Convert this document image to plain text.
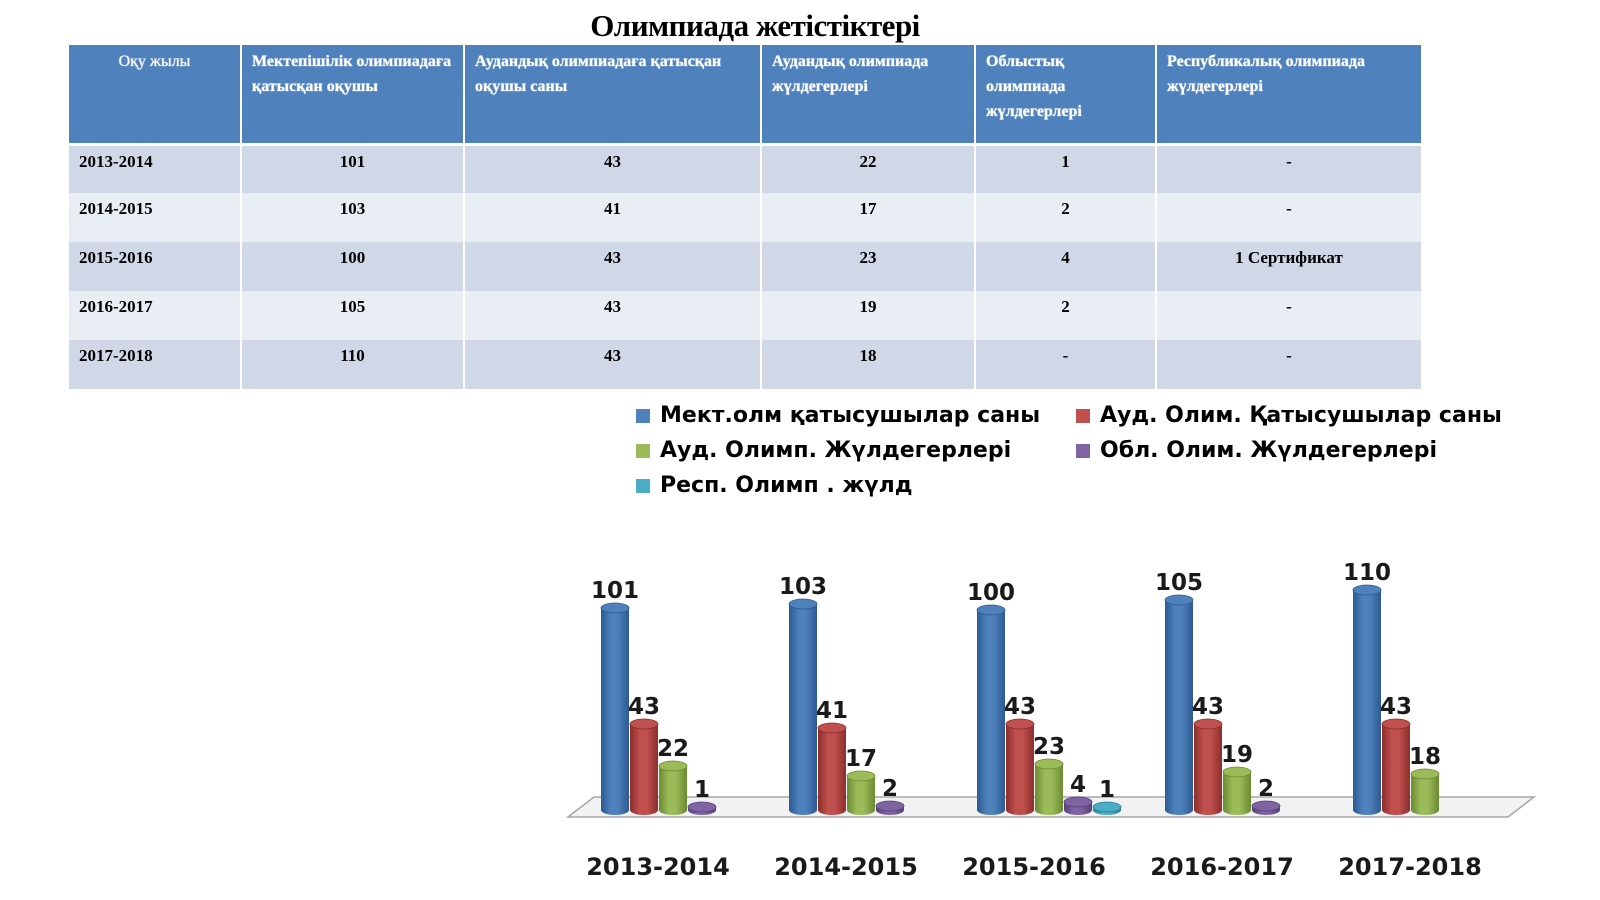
Олимпиада жетістіктері
Оқу жылы	Мектепішілік олимпиадаға қатысқан оқушы	Аудандық олимпиадаға қатысқан оқушы саны	Аудандық олимпиада жүлдегерлері	Облыстық олимпиада жүлдегерлері	Республикалық олимпиада жүлдегерлері
2013-2014	101	43	22	1	-
2014-2015	103	41	17	2	-
2015-2016	100	43	23	4	1 Сертификат
2016-2017	105	43	19	2	-
2017-2018	110	43	18	-	-
Мект.олм қатысушылар саны	Ауд. Олим. Қатысушылар саны
Ауд. Олимп. Жүлдегерлері	Обл. Олим. Жүлдегерлері
Респ. Олимп . жүлд
101
43
22
1
103
41
17
2
100
43
23
4 1
105
43
19
2
110
43
18
2013-2014 2014-2015 2015-2016 2016-2017 2017-2018
